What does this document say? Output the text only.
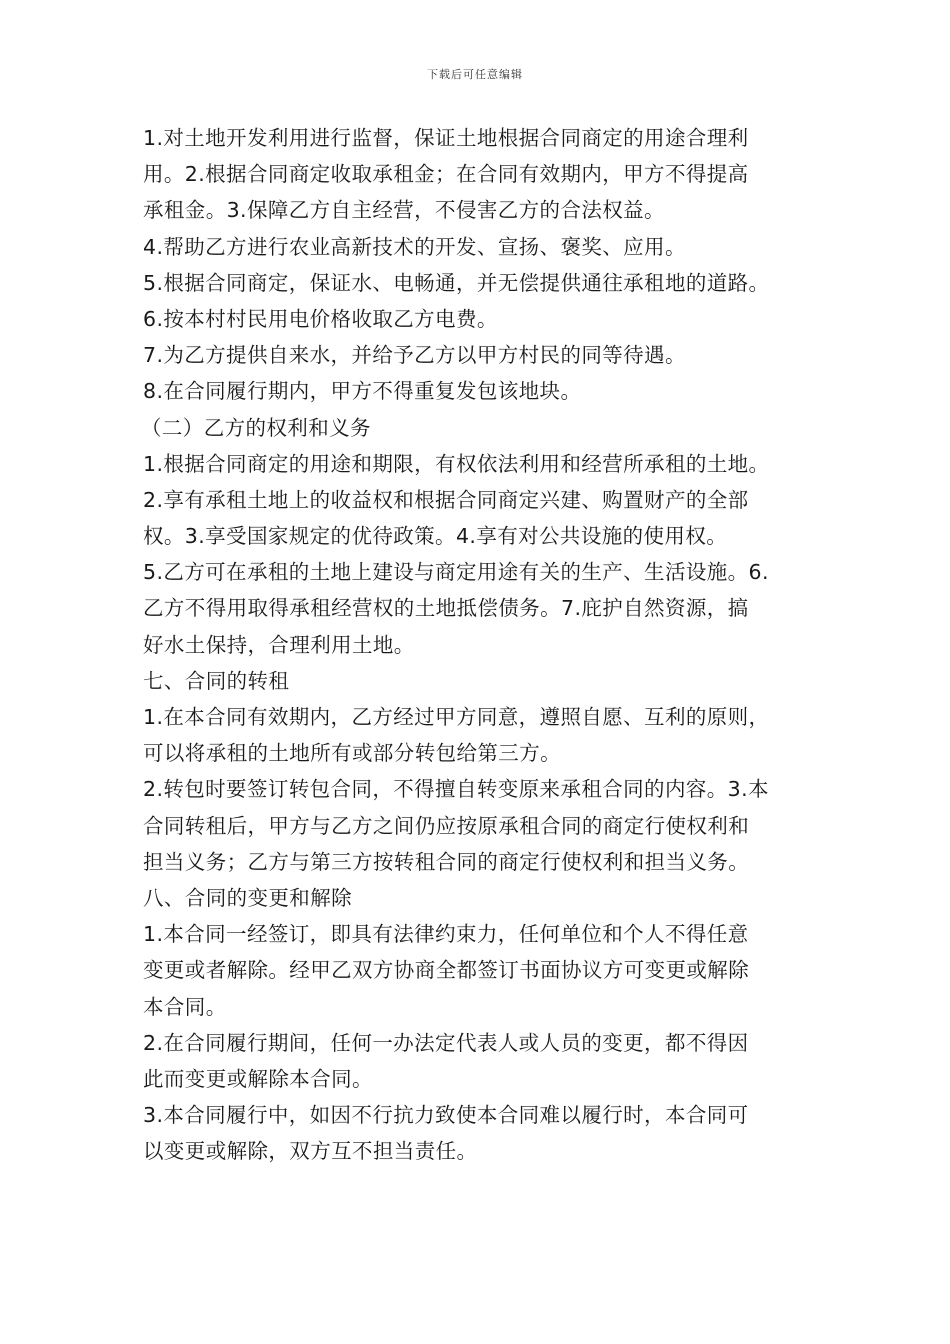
下载后可任意编辑
1.对土地开发利用进行监督，保证土地根据合同商定的用途合理利
用。2.根据合同商定收取承租金；在合同有效期内，甲方不得提高
承租金。3.保障乙方自主经营，不侵害乙方的合法权益。
4.帮助乙方进行农业高新技术的开发、宣扬、褒奖、应用。
5.根据合同商定，保证水、电畅通，并无偿提供通往承租地的道路。
6.按本村村民用电价格收取乙方电费。
7.为乙方提供自来水，并给予乙方以甲方村民的同等待遇。
8.在合同履行期内，甲方不得重复发包该地块。
（二）乙方的权利和义务
1.根据合同商定的用途和期限，有权依法利用和经营所承租的土地。
2.享有承租土地上的收益权和根据合同商定兴建、购置财产的全部
权。3.享受国家规定的优待政策。4.享有对公共设施的使用权。
5.乙方可在承租的土地上建设与商定用途有关的生产、生活设施。6.
乙方不得用取得承租经营权的土地抵偿债务。7.庇护自然资源，搞
好水土保持，合理利用土地。
七、合同的转租
1.在本合同有效期内，乙方经过甲方同意，遵照自愿、互利的原则，
可以将承租的土地所有或部分转包给第三方。
2.转包时要签订转包合同，不得擅自转变原来承租合同的内容。3.本
合同转租后，甲方与乙方之间仍应按原承租合同的商定行使权利和
担当义务；乙方与第三方按转租合同的商定行使权利和担当义务。
八、合同的变更和解除
1.本合同一经签订，即具有法律约束力，任何单位和个人不得任意
变更或者解除。经甲乙双方协商全都签订书面协议方可变更或解除
本合同。
2.在合同履行期间，任何一办法定代表人或人员的变更，都不得因
此而变更或解除本合同。
3.本合同履行中，如因不行抗力致使本合同难以履行时，本合同可
以变更或解除，双方互不担当责任。
